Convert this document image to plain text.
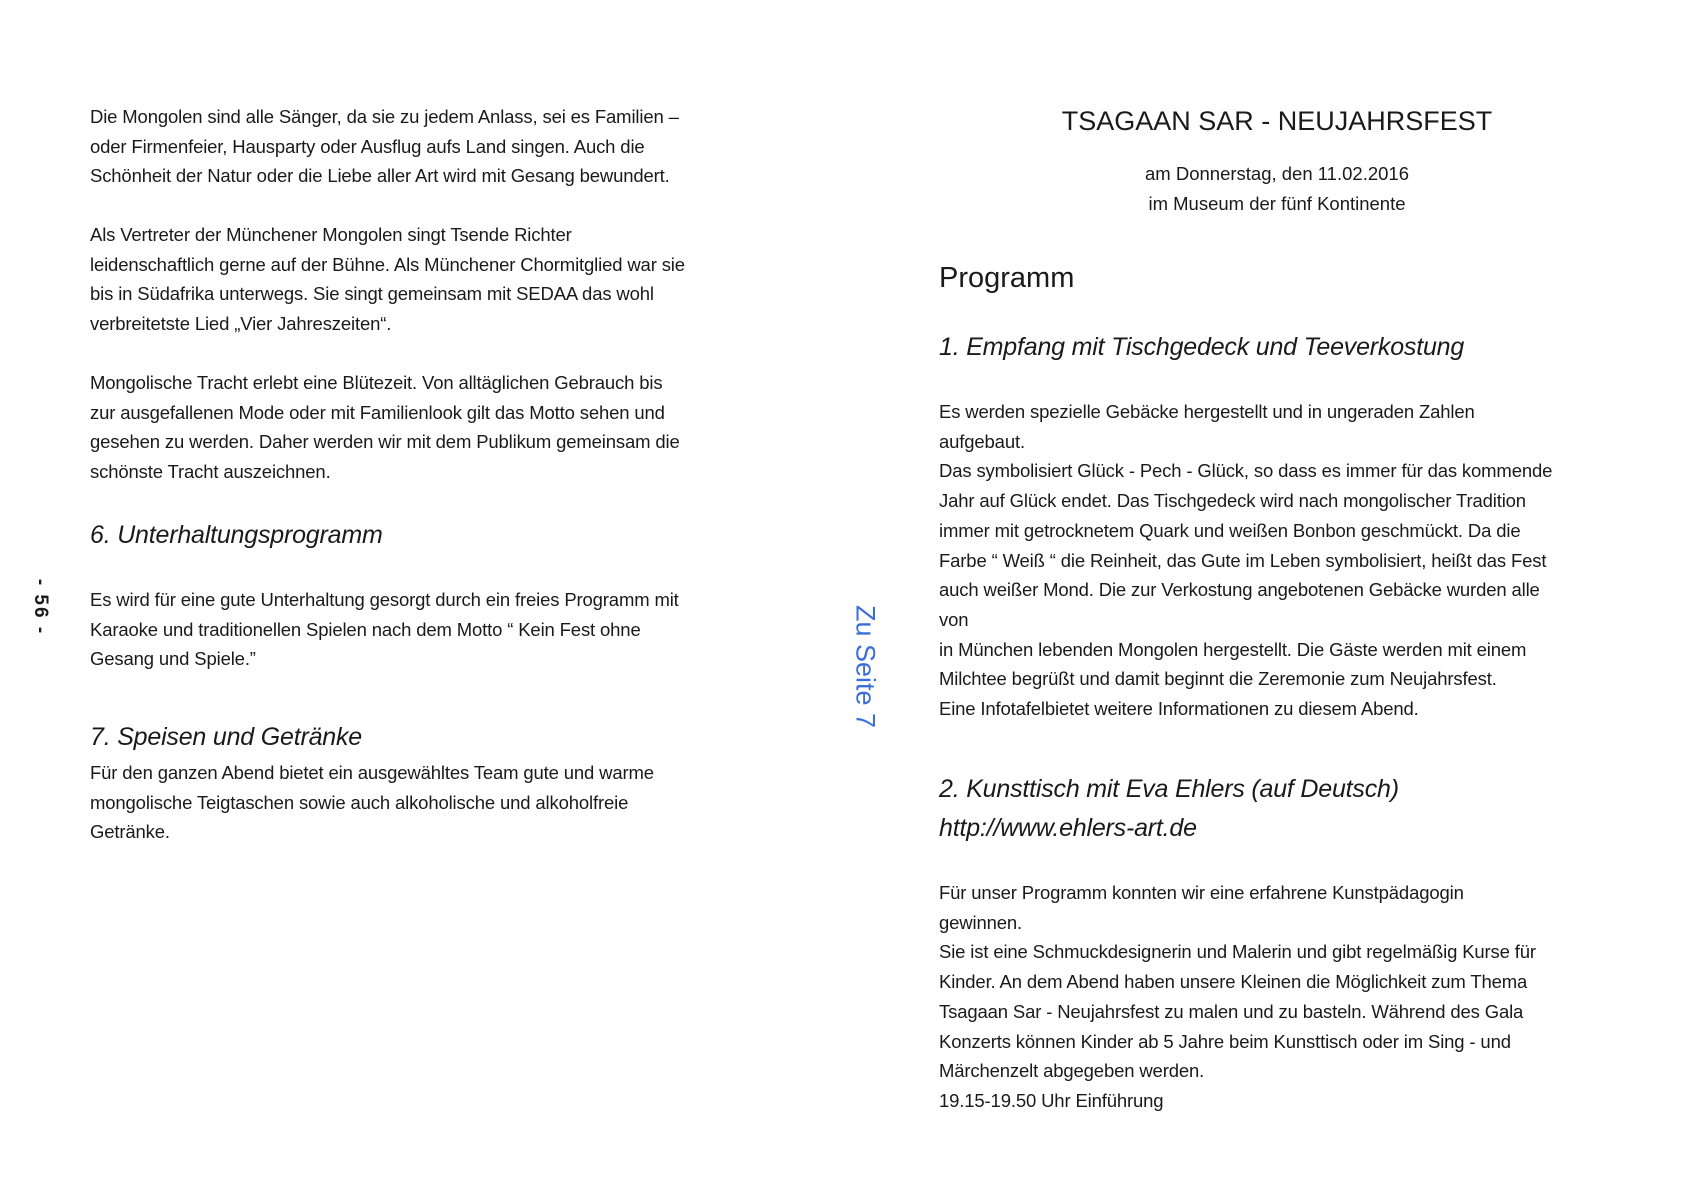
Die Mongolen sind alle Sänger, da sie zu jedem Anlass, sei es Familien –
oder Firmenfeier, Hausparty oder Ausflug aufs Land singen. Auch die
Schönheit der Natur oder die Liebe aller Art wird mit Gesang bewundert.
Als Vertreter der Münchener Mongolen singt Tsende Richter
leidenschaftlich gerne auf der Bühne. Als Münchener Chormitglied war sie
bis in Südafrika unterwegs. Sie singt gemeinsam mit SEDAA das wohl
verbreitetste Lied „Vier Jahreszeiten“.
Mongolische Tracht erlebt eine Blütezeit. Von alltäglichen Gebrauch bis
zur ausgefallenen Mode oder mit Familienlook gilt das Motto sehen und
gesehen zu werden. Daher werden wir mit dem Publikum gemeinsam die
schönste Tracht auszeichnen.
6. Unterhaltungsprogramm
Es wird für eine gute Unterhaltung gesorgt durch ein freies Programm mit
Karaoke und traditionellen Spielen nach dem Motto “ Kein Fest ohne
Gesang und Spiele.”
7. Speisen und Getränke
Für den ganzen Abend bietet ein ausgewähltes Team gute und warme
mongolische Teigtaschen sowie auch alkoholische und alkoholfreie
Getränke.
- 56 -	Zu Seite 7
TSAGAAN SAR - NEUJAHRSFEST
am Donnerstag, den 11.02.2016
im Museum der fünf Kontinente
Programm
1. Empfang mit Tischgedeck und Teeverkostung
Es werden spezielle Gebäcke hergestellt und in ungeraden Zahlen
aufgebaut.
Das symbolisiert Glück - Pech - Glück, so dass es immer für das kommende
Jahr auf Glück endet. Das Tischgedeck wird nach mongolischer Tradition
immer mit getrocknetem Quark und weißen Bonbon geschmückt. Da die
Farbe “ Weiß “ die Reinheit, das Gute im Leben symbolisiert, heißt das Fest
auch weißer Mond. Die zur Verkostung angebotenen Gebäcke wurden alle
von
in München lebenden Mongolen hergestellt. Die Gäste werden mit einem
Milchtee begrüßt und damit beginnt die Zeremonie zum Neujahrsfest.
Eine Infotafelbietet weitere Informationen zu diesem Abend.
2. Kunsttisch mit Eva Ehlers (auf Deutsch)
http://www.ehlers-art.de
Für unser Programm konnten wir eine erfahrene Kunstpädagogin
gewinnen.
Sie ist eine Schmuckdesignerin und Malerin und gibt regelmäßig Kurse für
Kinder. An dem Abend haben unsere Kleinen die Möglichkeit zum Thema
Tsagaan Sar - Neujahrsfest zu malen und zu basteln. Während des Gala
Konzerts können Kinder ab 5 Jahre beim Kunsttisch oder im Sing - und
Märchenzelt abgegeben werden.
19.15-19.50 Uhr Einführung
